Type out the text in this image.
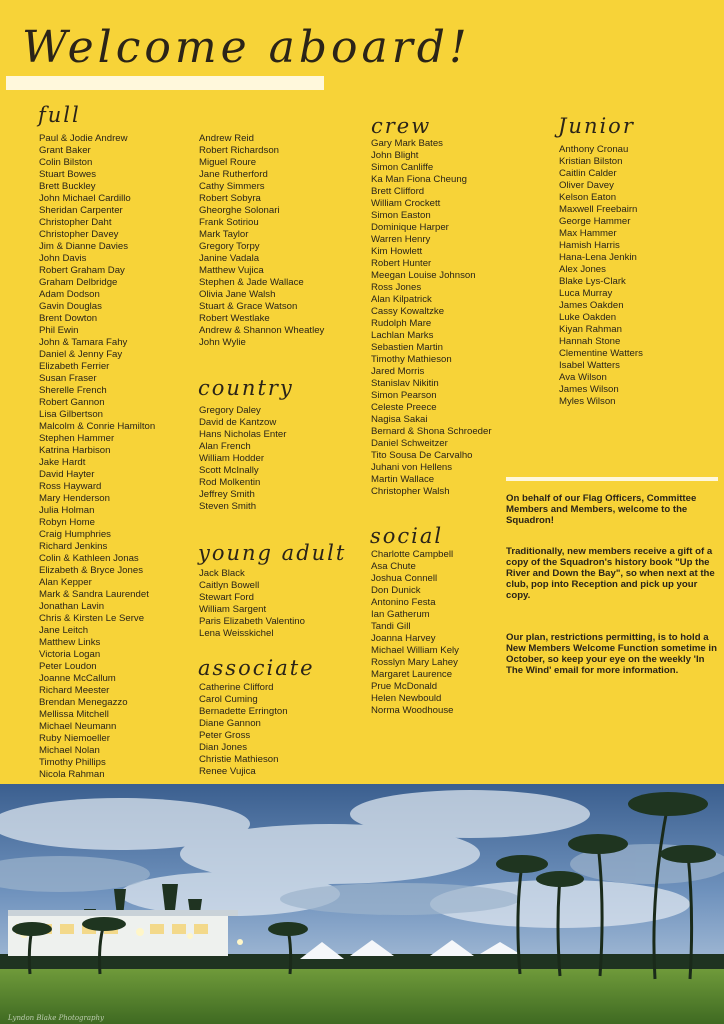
Welcome aboard!
full
Paul & Jodie Andrew
Grant Baker
Colin Bilston
Stuart Bowes
Brett Buckley
John Michael Cardillo
Sheridan Carpenter
Christopher Daht
Christopher Davey
Jim & Dianne Davies
John Davis
Robert Graham Day
Graham Delbridge
Adam Dodson
Gavin Douglas
Brent Dowton
Phil Ewin
John & Tamara Fahy
Daniel & Jenny Fay
Elizabeth Ferrier
Susan Fraser
Sherelle French
Robert Gannon
Lisa Gilbertson
Malcolm & Conrie Hamilton
Stephen Hammer
Katrina Harbison
Jake Hardt
David Hayter
Ross Hayward
Mary Henderson
Julia Holman
Robyn Home
Craig Humphries
Richard Jenkins
Colin & Kathleen Jonas
Elizabeth & Bryce Jones
Alan Kepper
Mark & Sandra Laurendet
Jonathan Lavin
Chris & Kirsten Le Serve
Jane Leitch
Matthew Links
Victoria Logan
Peter Loudon
Joanne McCallum
Richard Meester
Brendan Menegazzo
Mellissa Mitchell
Michael Neumann
Ruby Niemoeller
Michael Nolan
Timothy Phillips
Nicola Rahman
Andrew Reid
Robert Richardson
Miguel Roure
Jane Rutherford
Cathy Simmers
Robert Sobyra
Gheorghe Solonari
Frank Sotiriou
Mark Taylor
Gregory Torpy
Janine Vadala
Matthew Vujica
Stephen & Jade Wallace
Olivia Jane Walsh
Stuart & Grace Watson
Robert Westlake
Andrew & Shannon Wheatley
John Wylie
country
Gregory Daley
David de Kantzow
Hans Nicholas Enter
Alan French
William Hodder
Scott McInally
Rod Molkentin
Jeffrey Smith
Steven Smith
young adult
Jack Black
Caitlyn Bowell
Stewart Ford
William Sargent
Paris Elizabeth Valentino
Lena Weisskichel
associate
Catherine Clifford
Carol Cuming
Bernadette Errington
Diane Gannon
Peter Gross
Dian Jones
Christie Mathieson
Renee Vujica
crew
Gary Mark Bates
John Blight
Simon Canliffe
Ka Man Fiona Cheung
Brett Clifford
William Crockett
Simon Easton
Dominique Harper
Warren Henry
Kim Howlett
Robert Hunter
Meegan Louise Johnson
Ross Jones
Alan Kilpatrick
Cassy Kowaltzke
Rudolph Mare
Lachlan Marks
Sebastien Martin
Timothy Mathieson
Jared Morris
Stanislav Nikitin
Simon Pearson
Celeste Preece
Nagisa Sakai
Bernard & Shona Schroeder
Daniel Schweitzer
Tito Sousa De Carvalho
Juhani von Hellens
Martin Wallace
Christopher Walsh
social
Charlotte Campbell
Asa Chute
Joshua Connell
Don Dunick
Antonino Festa
Ian Gatherum
Tandi Gill
Joanna Harvey
Michael William Kely
Rosslyn Mary Lahey
Margaret Laurence
Prue McDonald
Helen Newbould
Norma Woodhouse
Junior
Anthony Cronau
Kristian Bilston
Caitlin Calder
Oliver Davey
Kelson Eaton
Maxwell Freebairn
George Hammer
Max Hammer
Hamish Harris
Hana-Lena Jenkin
Alex Jones
Blake Lys-Clark
Luca Murray
James Oakden
Luke Oakden
Kiyan Rahman
Hannah Stone
Clementine Watters
Isabel Watters
Ava Wilson
James Wilson
Myles Wilson

On behalf of our Flag Officers, Committee Members and Members, welcome to the Squadron!

Traditionally, new members receive a gift of a copy of the Squadron's history book "Up the River and Down the Bay", so when next at the club, pop into Reception and pick up your copy.

Our plan, restrictions permitting, is to hold a New Members Welcome Function sometime in October, so keep your eye on the weekly 'In The Wind' email for more information.

Lyndon Blake Photography
